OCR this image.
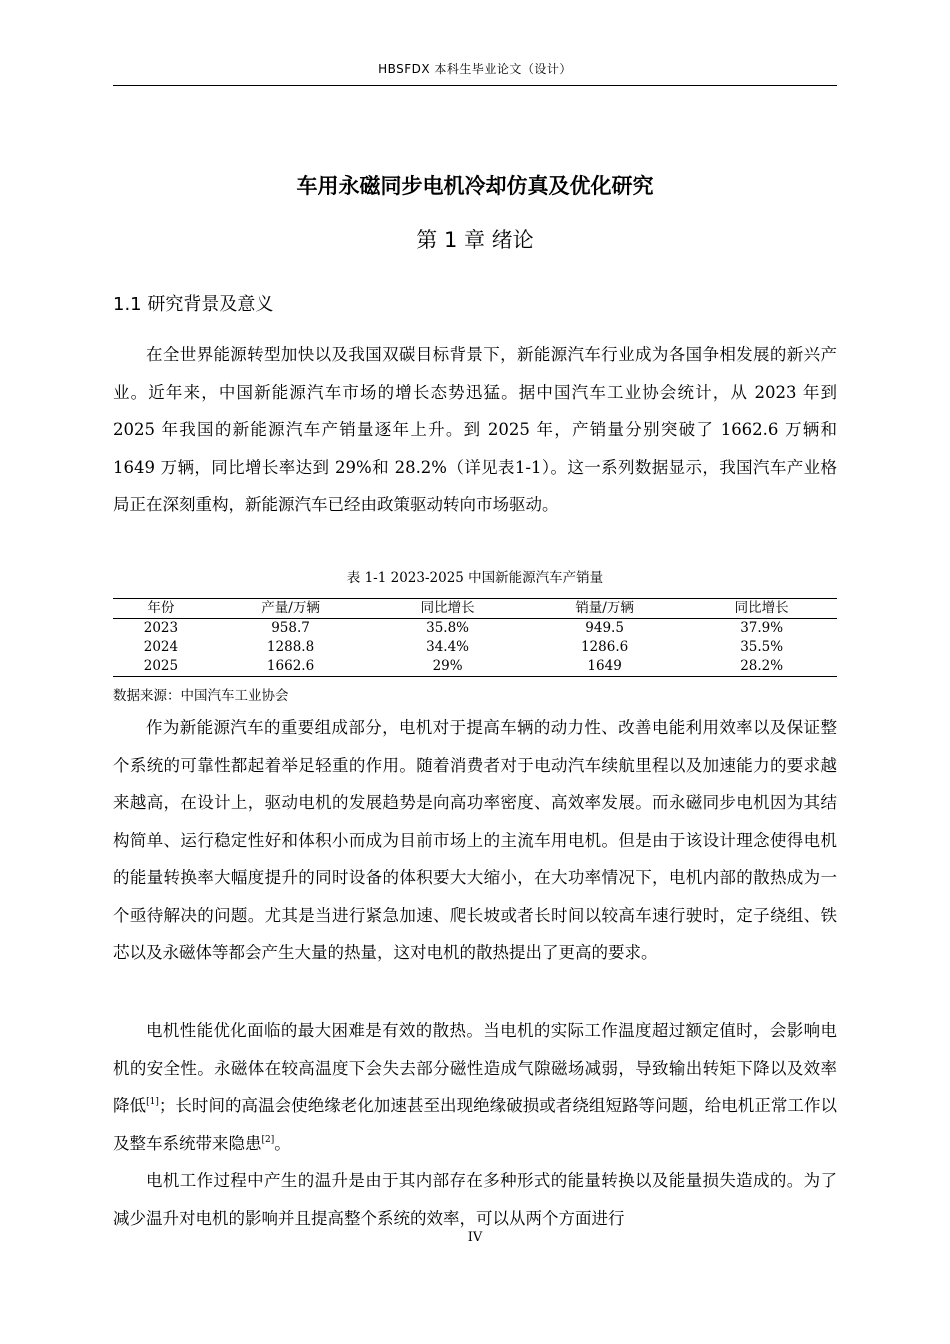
HBSFDX 本科生毕业论文（设计）
车用永磁同步电机冷却仿真及优化研究
第 1 章 绪论
1.1 研究背景及意义

在全世界能源转型加快以及我国双碳目标背景下，新能源汽车行业成为各国争相发展的新兴产业。近年来，中国新能源汽车市场的增长态势迅猛。据中国汽车工业协会统计，从 2023 年到 2025 年我国的新能源汽车产销量逐年上升。到 2025 年，产销量分别突破了 1662.6 万辆和 1649 万辆，同比增长率达到 29%和 28.2%（详见表1-1）。这一系列数据显示，我国汽车产业格局正在深刻重构，新能源汽车已经由政策驱动转向市场驱动。

表 1-1 2023-2025 中国新能源汽车产销量
年份	产量/万辆	同比增长	销量/万辆	同比增长
2023	958.7	35.8%	949.5	37.9%
2024	1288.8	34.4%	1286.6	35.5%
2025	1662.6	29%	1649	28.2%
数据来源：中国汽车工业协会

作为新能源汽车的重要组成部分，电机对于提高车辆的动力性、改善电能利用效率以及保证整个系统的可靠性都起着举足轻重的作用。随着消费者对于电动汽车续航里程以及加速能力的要求越来越高，在设计上，驱动电机的发展趋势是向高功率密度、高效率发展。而永磁同步电机因为其结构简单、运行稳定性好和体积小而成为目前市场上的主流车用电机。但是由于该设计理念使得电机的能量转换率大幅度提升的同时设备的体积要大大缩小，在大功率情况下，电机内部的散热成为一个亟待解决的问题。尤其是当进行紧急加速、爬长坡或者长时间以较高车速行驶时，定子绕组、铁芯以及永磁体等都会产生大量的热量，这对电机的散热提出了更高的要求。

电机性能优化面临的最大困难是有效的散热。当电机的实际工作温度超过额定值时，会影响电机的安全性。永磁体在较高温度下会失去部分磁性造成气隙磁场减弱，导致输出转矩下降以及效率降低[1]；长时间的高温会使绝缘老化加速甚至出现绝缘破损或者绕组短路等问题，给电机正常工作以及整车系统带来隐患[2]。

电机工作过程中产生的温升是由于其内部存在多种形式的能量转换以及能量损失造成的。为了减少温升对电机的影响并且提高整个系统的效率，可以从两个方面进行

IV
